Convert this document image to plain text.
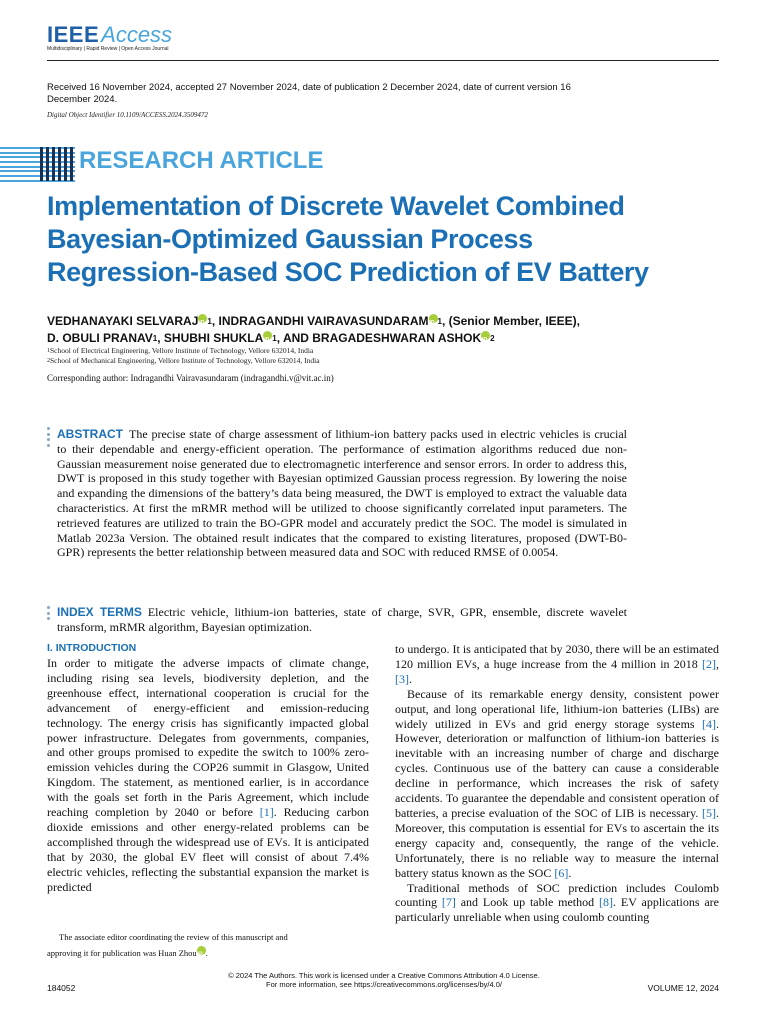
IEEEAccess
Multidisciplinary | Rapid Review | Open Access Journal
Received 16 November 2024, accepted 27 November 2024, date of publication 2 December 2024, date of current version 16 December 2024.
Digital Object Identifier 10.1109/ACCESS.2024.3509472
RESEARCH ARTICLE
Implementation of Discrete Wavelet Combined
Bayesian-Optimized Gaussian Process
Regression-Based SOC Prediction of EV Battery
VEDHANAYAKI SELVARAJ iD $^1$, INDRAGANDHI VAIRAVASUNDARAM iD $^1$, (Senior Member, IEEE),
D. OBULI PRANAV$^1$, SHUBHI SHUKLA iD $^1$, AND BRAGADESHWARAN ASHOK iD $^2$
$^1$School of Electrical Engineering, Vellore Institute of Technology, Vellore 632014, India
$^2$School of Mechanical Engineering, Vellore Institute of Technology, Vellore 632014, India
Corresponding author: Indragandhi Vairavasundaram (indragandhi.v@vit.ac.in)
ABSTRACT The precise state of charge assessment of lithium-ion battery packs used in electric vehicles is crucial to their dependable and energy-efficient operation. The performance of estimation algorithms reduced due non-Gaussian measurement noise generated due to electromagnetic interference and sensor errors. In order to address this, DWT is proposed in this study together with Bayesian optimized Gaussian process regression. By lowering the noise and expanding the dimensions of the battery’s data being measured, the DWT is employed to extract the valuable data characteristics. At first the mRMR method will be utilized to choose significantly correlated input parameters. The retrieved features are utilized to train the BO-GPR model and accurately predict the SOC. The model is simulated in Matlab 2023a Version. The obtained result indicates that the compared to existing literatures, proposed (DWT-B0-GPR) represents the better relationship between measured data and SOC with reduced RMSE of 0.0054.
INDEX TERMS Electric vehicle, lithium-ion batteries, state of charge, SVR, GPR, ensemble, discrete wavelet transform, mRMR algorithm, Bayesian optimization.
I. INTRODUCTION

In order to mitigate the adverse impacts of climate change, including rising sea levels, biodiversity depletion, and the greenhouse effect, international cooperation is crucial for the advancement of energy-efficient and emission-reducing technology. The energy crisis has significantly impacted global power infrastructure. Delegates from governments, companies, and other groups promised to expedite the switch to 100% zero-emission vehicles during the COP26 summit in Glasgow, United Kingdom. The statement, as mentioned earlier, is in accordance with the goals set forth in the Paris Agreement, which include reaching completion by 2040 or before [1]. Reducing carbon dioxide emissions and other energy-related problems can be accomplished through the widespread use of EVs. It is anticipated that by 2030, the global EV fleet will consist of about 7.4% electric vehicles, reflecting the substantial expansion the market is predicted

The associate editor coordinating the review of this manuscript and
approving it for publication was Huan Zhou iD .

to undergo. It is anticipated that by 2030, there will be an estimated 120 million EVs, a huge increase from the 4 million in 2018 [2], [3].

Because of its remarkable energy density, consistent power output, and long operational life, lithium-ion batteries (LIBs) are widely utilized in EVs and grid energy storage systems [4]. However, deterioration or malfunction of lithium-ion batteries is inevitable with an increasing number of charge and discharge cycles. Continuous use of the battery can cause a considerable decline in performance, which increases the risk of safety accidents. To guarantee the dependable and consistent operation of batteries, a precise evaluation of the SOC of LIB is necessary. [5]. Moreover, this computation is essential for EVs to ascertain the its energy capacity and, consequently, the range of the vehicle. Unfortunately, there is no reliable way to measure the internal battery status known as the SOC [6].

Traditional methods of SOC prediction includes Coulomb counting [7] and Look up table method [8]. EV applications are particularly unreliable when using coulomb counting

© 2024 The Authors. This work is licensed under a Creative Commons Attribution 4.0 License.
For more information, see https://creativecommons.org/licenses/by/4.0/
184052	VOLUME 12, 2024
